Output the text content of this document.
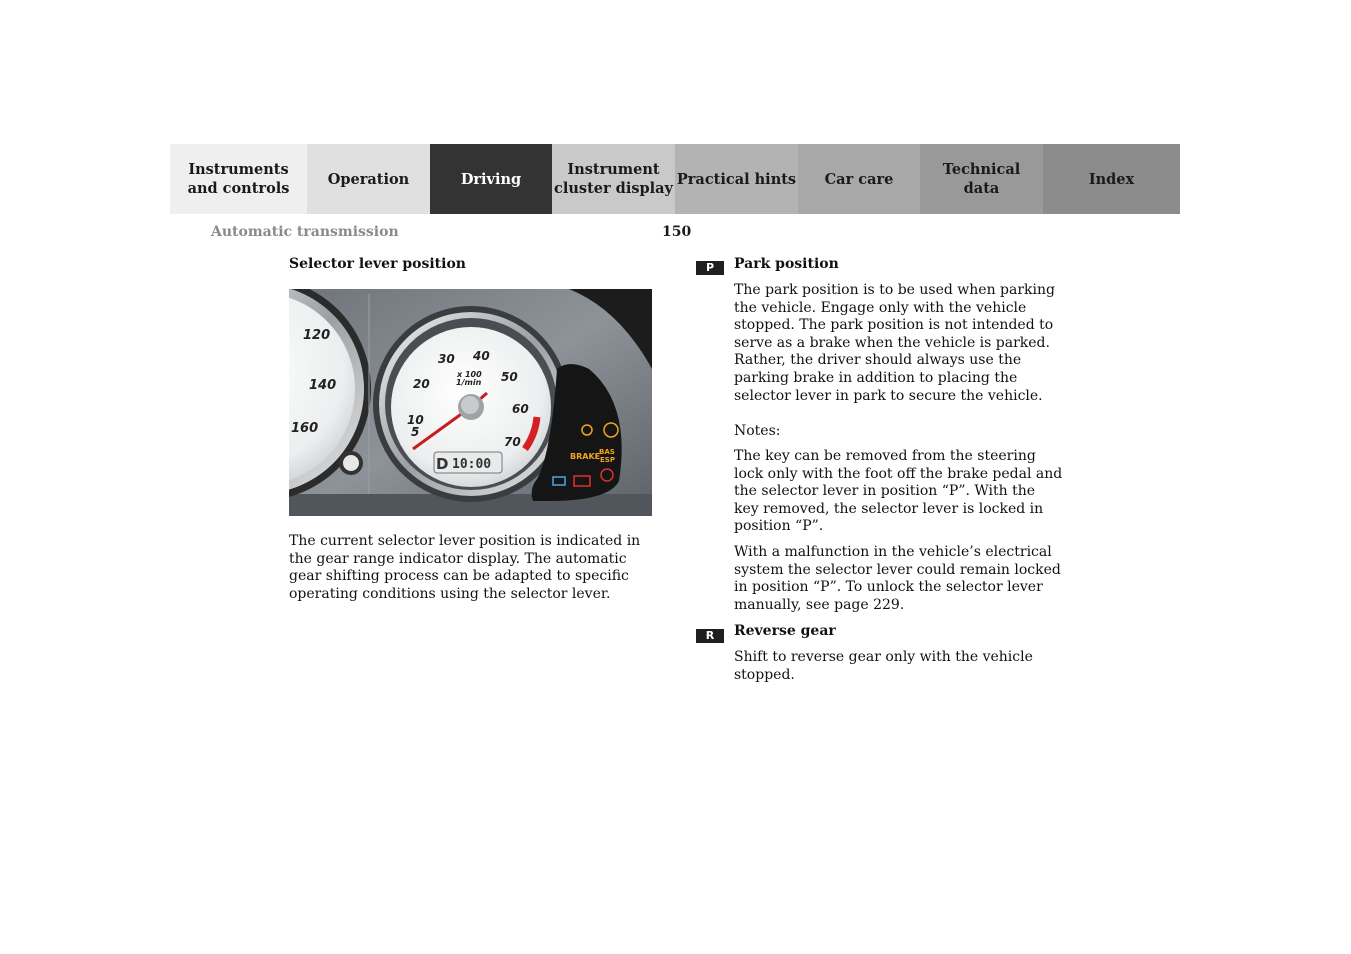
Instruments
and controls
Operation	Driving
Instrument
cluster display
Practical hints	Car care
Technical
data
Index
Automatic transmission	150
Selector lever position
120
140
160	5
10
20
30 40
50
60
70
x 100
1/min
D 10:00
BRAKE
BAS
ESP
The current selector lever position is indicated in the gear range indicator display. The automatic gear shifting process can be adapted to specific operating conditions using the selector lever.
P	Park position
The park position is to be used when parking the vehicle. Engage only with the vehicle stopped. The park position is not intended to serve as a brake when the vehicle is parked. Rather, the driver should always use the parking brake in addition to placing the selector lever in park to secure the vehicle.
Notes:
The key can be removed from the steering lock only with the foot off the brake pedal and the selector lever in position “P”. With the key removed, the selector lever is locked in position “P”.
With a malfunction in the vehicle’s electrical system the selector lever could remain locked in position “P”. To unlock the selector lever manually, see page 229.
R	Reverse gear
Shift to reverse gear only with the vehicle stopped.
